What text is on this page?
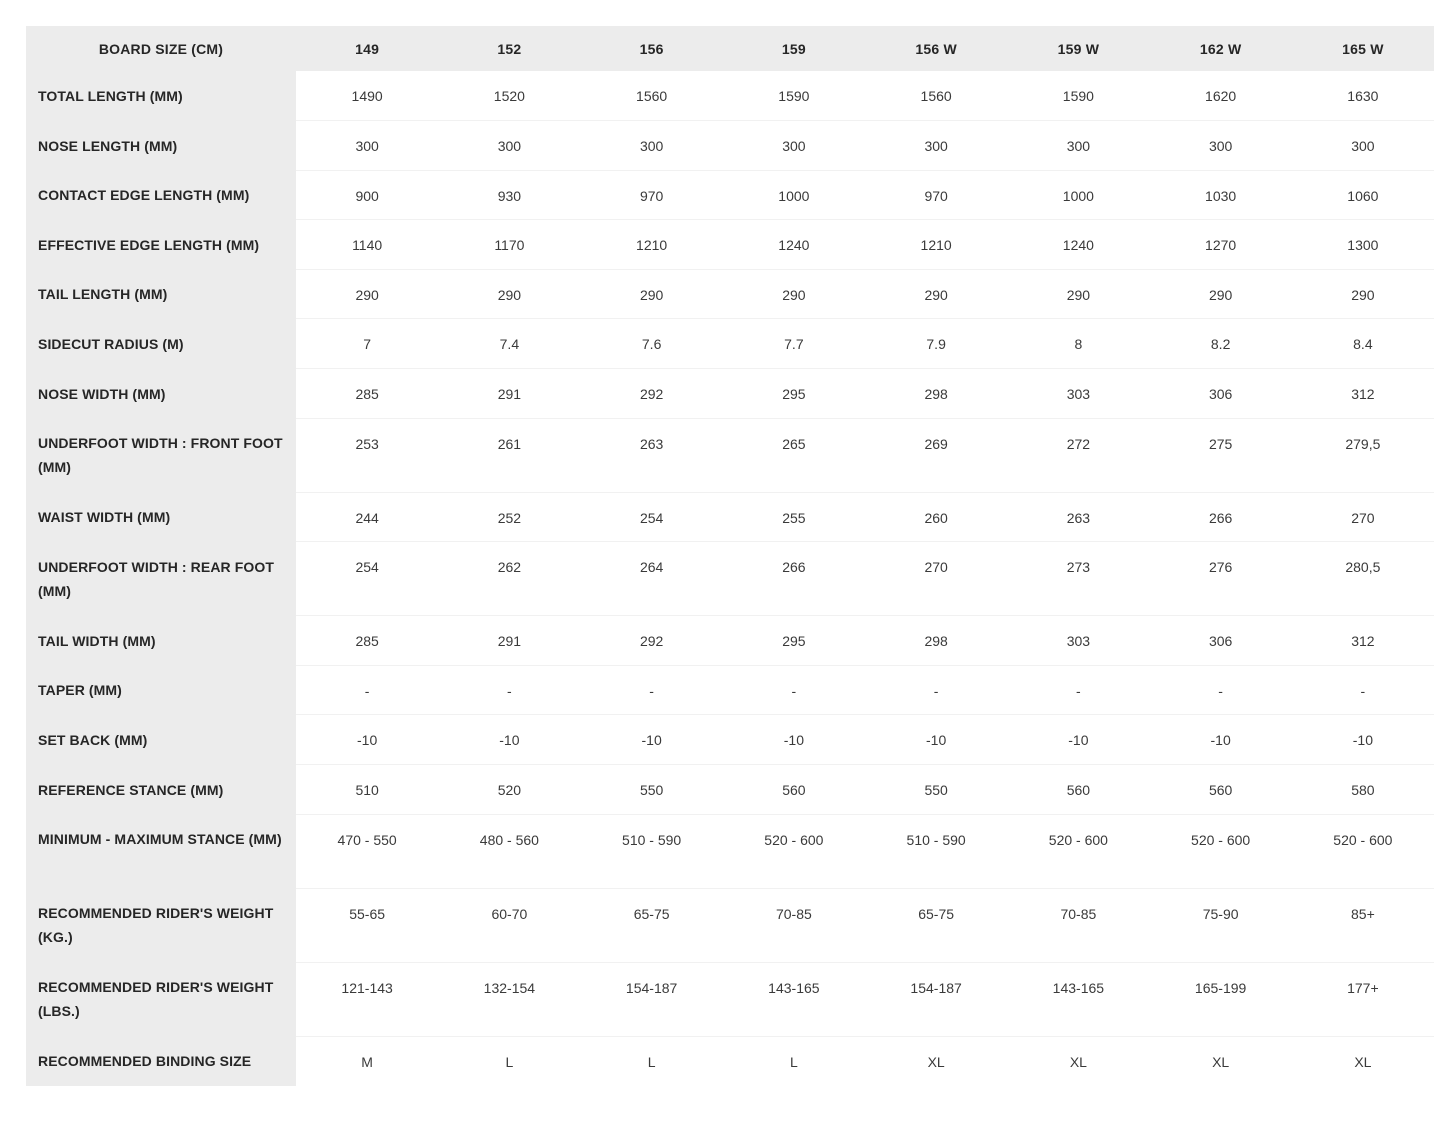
BOARD SIZE (CM)	149	152	156	159	156 W	159 W	162 W	165 W
TOTAL LENGTH (MM)	1490	1520	1560	1590	1560	1590	1620	1630
NOSE LENGTH (MM)	300	300	300	300	300	300	300	300
CONTACT EDGE LENGTH (MM)	900	930	970	1000	970	1000	1030	1060
EFFECTIVE EDGE LENGTH (MM)	1140	1170	1210	1240	1210	1240	1270	1300
TAIL LENGTH (MM)	290	290	290	290	290	290	290	290
SIDECUT RADIUS (M)	7	7.4	7.6	7.7	7.9	8	8.2	8.4
NOSE WIDTH (MM)	285	291	292	295	298	303	306	312
UNDERFOOT WIDTH : FRONT FOOT (MM)	253	261	263	265	269	272	275	279,5
WAIST WIDTH (MM)	244	252	254	255	260	263	266	270
UNDERFOOT WIDTH : REAR FOOT (MM)	254	262	264	266	270	273	276	280,5
TAIL WIDTH (MM)	285	291	292	295	298	303	306	312
TAPER (MM)	-	-	-	-	-	-	-	-
SET BACK (MM)	-10	-10	-10	-10	-10	-10	-10	-10
REFERENCE STANCE (MM)	510	520	550	560	550	560	560	580
MINIMUM - MAXIMUM STANCE (MM)	470 - 550	480 - 560	510 - 590	520 - 600	510 - 590	520 - 600	520 - 600	520 - 600
RECOMMENDED RIDER'S WEIGHT (KG.)	55-65	60-70	65-75	70-85	65-75	70-85	75-90	85+
RECOMMENDED RIDER'S WEIGHT (LBS.)	121-143	132-154	154-187	143-165	154-187	143-165	165-199	177+
RECOMMENDED BINDING SIZE	M	L	L	L	XL	XL	XL	XL
